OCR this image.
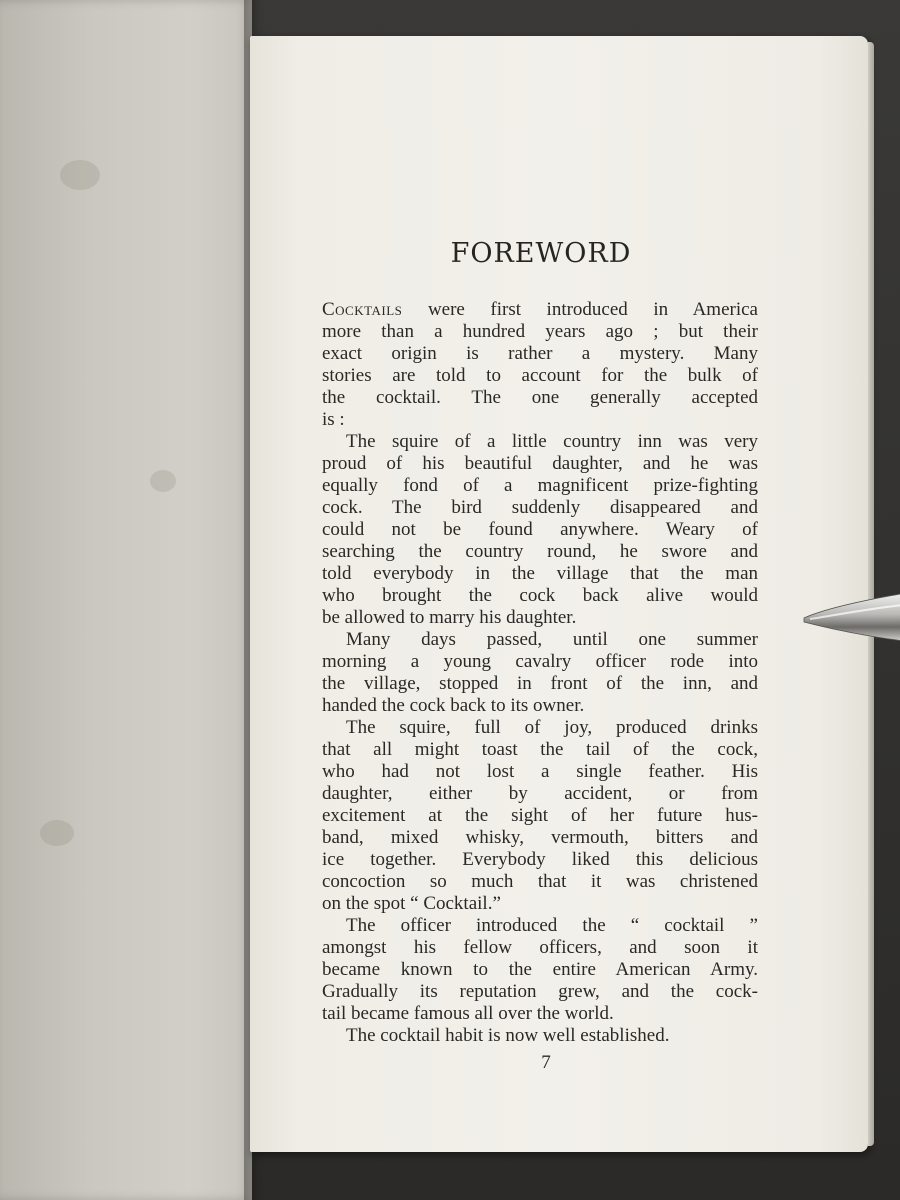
FOREWORD
Cocktails were first introduced in America
more than a hundred years ago ; but their
exact origin is rather a mystery. Many
stories are told to account for the bulk of
the cocktail. The one generally accepted
is :
The squire of a little country inn was very
proud of his beautiful daughter, and he was
equally fond of a magnificent prize-fighting
cock. The bird suddenly disappeared and
could not be found anywhere. Weary of
searching the country round, he swore and
told everybody in the village that the man
who brought the cock back alive would
be allowed to marry his daughter.
Many days passed, until one summer
morning a young cavalry officer rode into
the village, stopped in front of the inn, and
handed the cock back to its owner.
The squire, full of joy, produced drinks
that all might toast the tail of the cock,
who had not lost a single feather. His
daughter, either by accident, or from
excitement at the sight of her future hus-
band, mixed whisky, vermouth, bitters and
ice together. Everybody liked this delicious
concoction so much that it was christened
on the spot “ Cocktail.”
The officer introduced the “ cocktail ”
amongst his fellow officers, and soon it
became known to the entire American Army.
Gradually its reputation grew, and the cock-
tail became famous all over the world.
The cocktail habit is now well established.
7
